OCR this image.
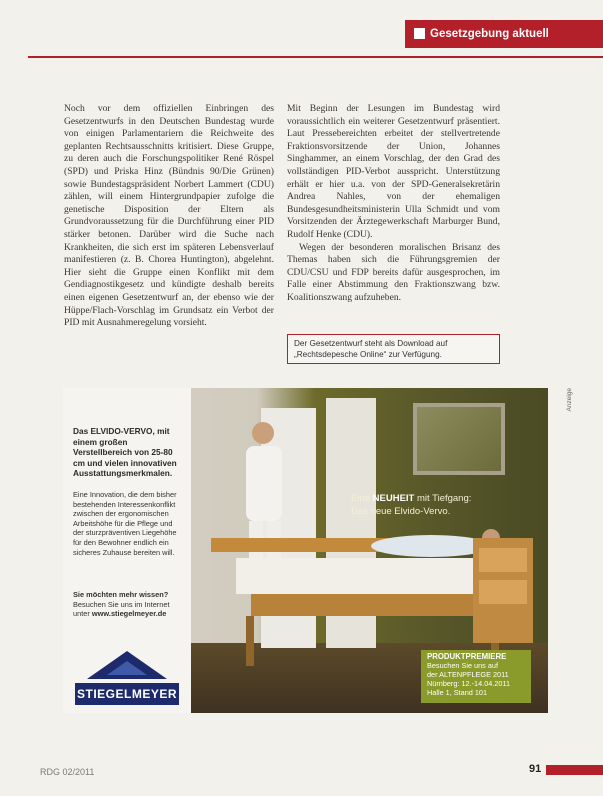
Gesetzgebung aktuell

Noch vor dem offiziellen Einbringen des Gesetzentwurfs in den Deutschen Bundestag wurde von einigen Parlamentariern die Reichweite des geplanten Rechtsausschnitts kritisiert. Diese Gruppe, zu deren auch die Forschungspolitiker René Röspel (SPD) und Priska Hinz (Bündnis 90/Die Grünen) sowie Bundestagspräsident Norbert Lammert (CDU) zählen, will einem Hintergrundpapier zufolge die genetische Disposition der Eltern als Grundvoraussetzung für die Durchführung einer PID stärker betonen. Darüber wird die Suche nach Krankheiten, die sich erst im späteren Lebensverlauf manifestieren (z. B. Chorea Huntington), abgelehnt. Hier sieht die Gruppe einen Konflikt mit dem Gendiagnostikgesetz und kündigte deshalb bereits einen eigenen Gesetzentwurf an, der ebenso wie der Hüppe/Flach-Vorschlag im Grundsatz ein Verbot der PID mit Ausnahmeregelung vorsieht.

Mit Beginn der Lesungen im Bundestag wird voraussichtlich ein weiterer Gesetzentwurf präsentiert. Laut Pressebereichten erbeitet der stellvertretende Fraktionsvorsitzende der Union, Johannes Singhammer, an einem Vorschlag, der den Grad des vollständigen PID-Verbot ausspricht. Unterstützung erhält er hier u.a. von der SPD-Generalsekretärin Andrea Nahles, von der ehemaligen Bundesgesundheitsministerin Ulla Schmidt und vom Vorsitzenden der Ärztegewerkschaft Marburger Bund, Rudolf Henke (CDU).

Wegen der besonderen moralischen Brisanz des Themas haben sich die Führungsgremien der CDU/CSU und FDP bereits dafür ausgesprochen, im Falle einer Abstimmung den Fraktionszwang bzw. Koalitionszwang aufzuheben.

Der Gesetzentwurf steht als Download auf „Rechtsdepesche Online“ zur Verfügung.
Das ELVIDO-VERVO, mit einem großen Verstellbereich von 25-80 cm und vielen innovativen Ausstattungsmerkmalen.
Eine Innovation, die dem bisher bestehenden Interessenkonflikt zwischen der ergonomischen Arbeitshöhe für die Pflege und der sturzpräventiven Liegehöhe für den Bewohner endlich ein sicheres Zuhause bereiten will.
Sie möchten mehr wissen?
Besuchen Sie uns im Internet unter www.stiegelmeyer.de
STIEGELMEYER
Eine NEUHEIT mit Tiefgang:
Das neue Elvido-Vervo.
PRODUKTPREMIERE
Besuchen Sie uns auf
der ALTENPFLEGE 2011
Nürnberg: 12.-14.04.2011
Halle 1, Stand 101
Anzeige
RDG 02/2011	91
